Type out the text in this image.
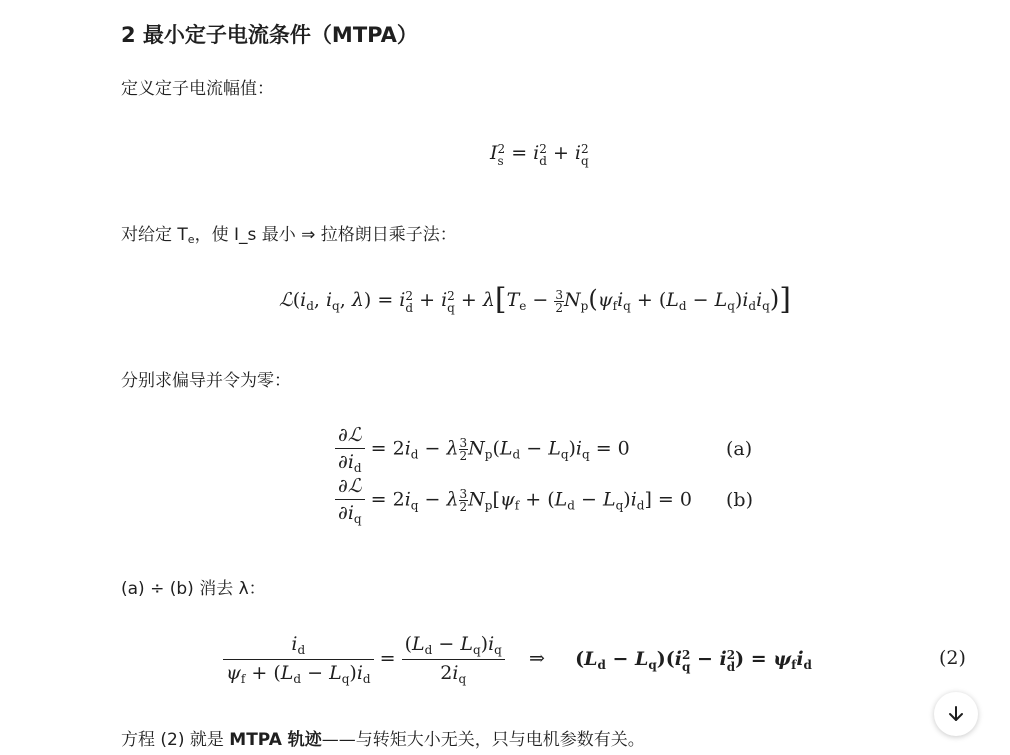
2 最小定子电流条件（MTPA）
定义定子电流幅值：
I2
s = i2
d + i2
q
对给定 Te，使 I_s 最小 ⇒ 拉格朗日乘子法：
$ℒ(i_d$, $i_q$, λ) = i2
d + i2
$q + \lambda[T_e - \frac{3}{2} N_p(\psi_fi_q + (L_d - L_q)i_di_q)]$
分别求偏导并令为零：
$\frac{\text{∂ℒ}}{\partial i_d} = 2i_d - \lambda \frac{3}{2} N_p(L_d - L_q)i_q = 0$	(a)
$\frac{\text{∂ℒ}}{\partial i_q} = 2i_q - \lambda \frac{3}{2} N_p[\psi_f + (L_d - L_q)i_d] = 0$ (b)
(a) ÷ (b) 消去 λ：
$\frac{i_d}{\psi_f + (L_d - L_q)i_d} = \frac{(L_d - L_q)i_q}{2i_q}$ ⇒     $(L_d - L_q)(i2$
q − i2
$d) = \psi_fi_d$	(2)
方程 (2) 就是 MTPA 轨迹——与转矩大小无关，只与电机参数有关。
